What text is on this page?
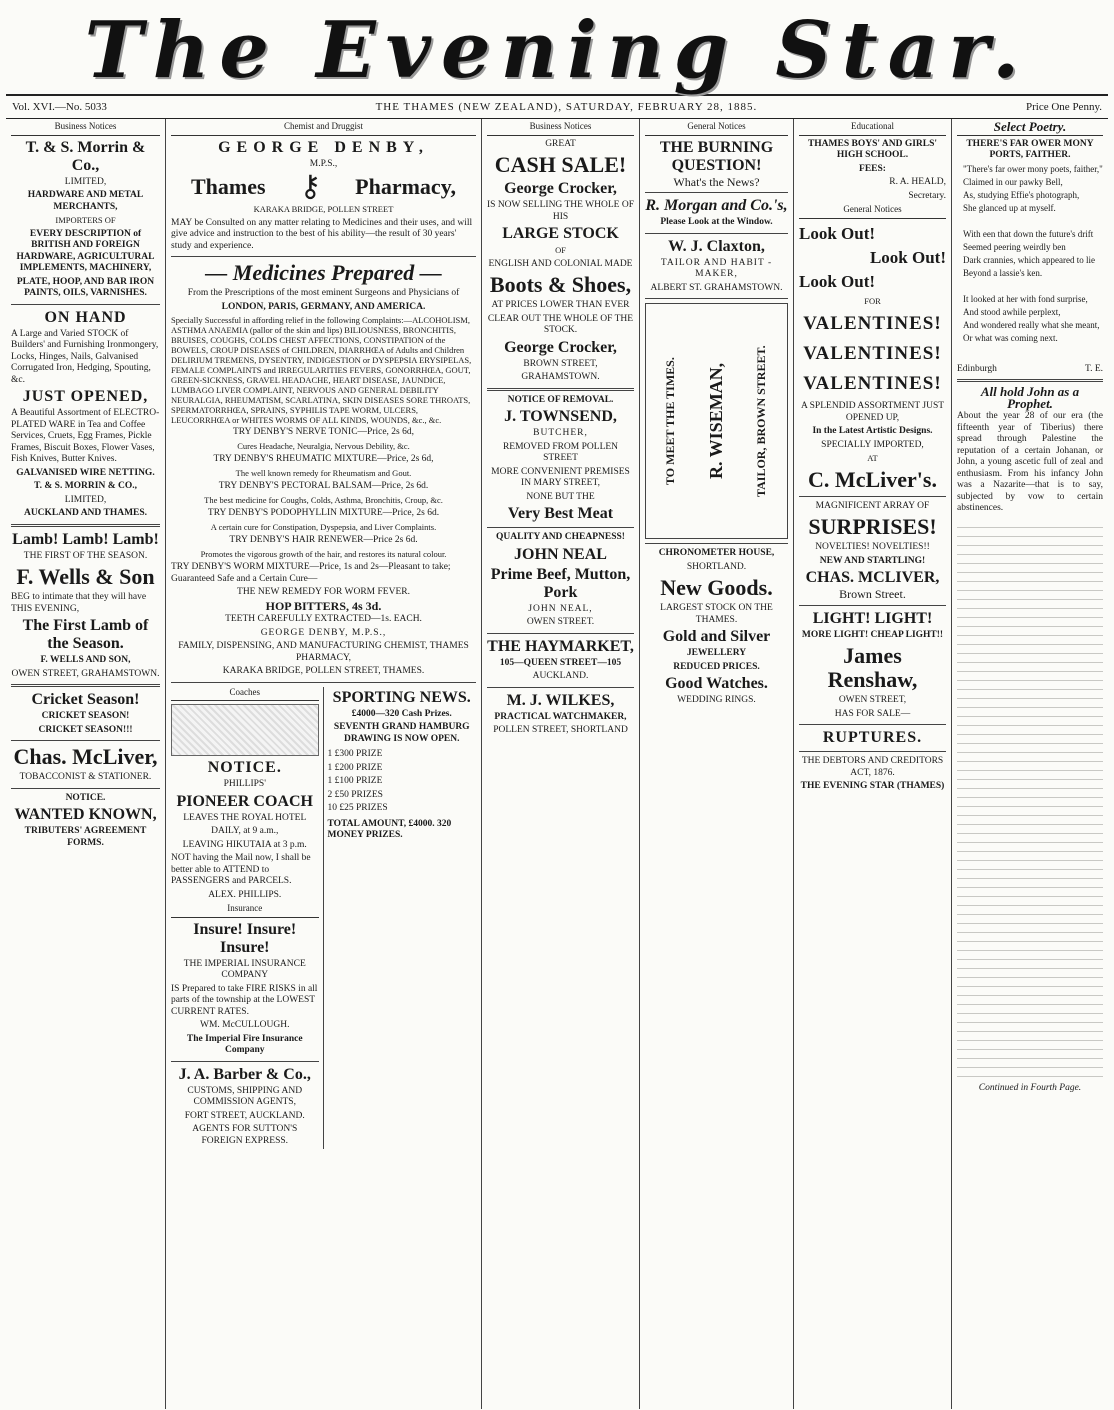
The Evening Star.
Vol. XVI.—No. 5033	THE THAMES (NEW ZEALAND), SATURDAY, FEBRUARY 28, 1885.	Price One Penny.
Business Notices
T. & S. Morrin & Co.,
LIMITED,

HARDWARE AND METAL MERCHANTS,

IMPORTERS OF

EVERY DESCRIPTION of BRITISH AND FOREIGN HARDWARE, AGRICULTURAL IMPLEMENTS, MACHINERY,

PLATE, HOOP, AND BAR IRON PAINTS, OILS, VARNISHES.

ON HAND

A Large and Varied STOCK of Builders' and Furnishing Ironmongery, Locks, Hinges, Nails, Galvanised Corrugated Iron, Hedging, Spouting, &c.

JUST OPENED,

A Beautiful Assortment of ELECTRO-PLATED WARE in Tea and Coffee Services, Cruets, Egg Frames, Pickle Frames, Biscuit Boxes, Flower Vases, Fish Knives, Butter Knives.

GALVANISED WIRE NETTING.

T. & S. MORRIN & CO.,

LIMITED,

AUCKLAND AND THAMES.

Lamb! Lamb! Lamb!

THE FIRST OF THE SEASON.

F. Wells & Son

BEG to intimate that they will have THIS EVENING,

The First Lamb of the Season.

F. WELLS AND SON,

OWEN STREET, GRAHAMSTOWN.

Cricket Season!

CRICKET SEASON!

CRICKET SEASON!!!

Chas. McLiver,

TOBACCONIST & STATIONER.

NOTICE.

WANTED KNOWN,

TRIBUTERS' AGREEMENT FORMS.

Chemist and Druggist
GEORGE DENBY,

M.P.S.,

Thames ⚷ Pharmacy,

KARAKA BRIDGE, POLLEN STREET

MAY be Consulted on any matter relating to Medicines and their uses, and will give advice and instruction to the best of his ability—the result of 30 years' study and experience.

— Medicines Prepared —

From the Prescriptions of the most eminent Surgeons and Physicians of

LONDON, PARIS, GERMANY, AND AMERICA.

Specially Successful in affording relief in the following Complaints:—ALCOHOLISM, ASTHMA ANAEMIA (pallor of the skin and lips) BILIOUSNESS, BRONCHITIS, BRUISES, COUGHS, COLDS CHEST AFFECTIONS, CONSTIPATION of the BOWELS, CROUP DISEASES of CHILDREN, DIARRHŒA of Adults and Children DELIRIUM TREMENS, DYSENTRY, INDIGESTION or DYSPEPSIA ERYSIPELAS, FEMALE COMPLAINTS and IRREGULARITIES FEVERS, GONORRHŒA, GOUT, GREEN-SICKNESS, GRAVEL HEADACHE, HEART DISEASE, JAUNDICE, LUMBAGO LIVER COMPLAINT, NERVOUS AND GENERAL DEBILITY NEURALGIA, RHEUMATISM, SCARLATINA, SKIN DISEASES SORE THROATS, SPERMATORRHŒA, SPRAINS, SYPHILIS TAPE WORM, ULCERS, LEUCORRHŒA or WHITES WORMS OF ALL KINDS, WOUNDS, &c., &c.

TRY DENBY'S NERVE TONIC—Price, 2s 6d,

Cures Headache, Neuralgia, Nervous Debility, &c.

TRY DENBY'S RHEUMATIC MIXTURE—Price, 2s 6d,

The well known remedy for Rheumatism and Gout.

TRY DENBY'S PECTORAL BALSAM—Price, 2s 6d.

The best medicine for Coughs, Colds, Asthma, Bronchitis, Croup, &c.

TRY DENBY'S PODOPHYLLIN MIXTURE—Price, 2s 6d.

A certain cure for Constipation, Dyspepsia, and Liver Complaints.

TRY DENBY'S HAIR RENEWER—Price 2s 6d.

Promotes the vigorous growth of the hair, and restores its natural colour.

TRY DENBY'S WORM MIXTURE—Price, 1s and 2s—Pleasant to take; Guaranteed Safe and a Certain Cure—

THE NEW REMEDY FOR WORM FEVER.

HOP BITTERS, 4s 3d.

TEETH CAREFULLY EXTRACTED—1s. EACH.

GEORGE DENBY, M.P.S.,

FAMILY, DISPENSING, AND MANUFACTURING CHEMIST, THAMES PHARMACY,

KARAKA BRIDGE, POLLEN STREET, THAMES.

Coaches
NOTICE.

PHILLIPS'

PIONEER COACH

LEAVES THE ROYAL HOTEL

DAILY, at 9 a.m.,

LEAVING HIKUTAIA at 3 p.m.

NOT having the Mail now, I shall be better able to ATTEND to PASSENGERS and PARCELS.

ALEX. PHILLIPS.

Insurance
Insure! Insure! Insure!

THE IMPERIAL INSURANCE COMPANY

IS Prepared to take FIRE RISKS in all parts of the township at the LOWEST CURRENT RATES.

WM. McCULLOUGH.

The Imperial Fire Insurance Company

J. A. Barber & Co.,

CUSTOMS, SHIPPING AND COMMISSION AGENTS,

FORT STREET, AUCKLAND.

AGENTS FOR SUTTON'S FOREIGN EXPRESS.

SPORTING NEWS.

£4000—320 Cash Prizes.

SEVENTH GRAND HAMBURG DRAWING IS NOW OPEN.

1 £300 PRIZE

1 £200 PRIZE

1 £100 PRIZE

2 £50 PRIZES

10 £25 PRIZES

TOTAL AMOUNT, £4000. 320 MONEY PRIZES.

Business Notices

GREAT

CASH SALE!
George Crocker,

IS NOW SELLING THE WHOLE OF HIS

LARGE STOCK

OF

ENGLISH AND COLONIAL MADE

Boots & Shoes,

AT PRICES LOWER THAN EVER

CLEAR OUT THE WHOLE OF THE STOCK.

George Crocker,

BROWN STREET,

GRAHAMSTOWN.

NOTICE OF REMOVAL.

J. TOWNSEND,

BUTCHER,

REMOVED FROM POLLEN STREET

MORE CONVENIENT PREMISES IN MARY STREET,

NONE BUT THE

Very Best Meat

QUALITY AND CHEAPNESS!

JOHN NEAL
Prime Beef, Mutton, Pork

JOHN NEAL,

OWEN STREET.

THE HAYMARKET,

105—QUEEN STREET—105

AUCKLAND.

M. J. WILKES,

PRACTICAL WATCHMAKER,

POLLEN STREET, SHORTLAND

General Notices
THE BURNING QUESTION!

What's the News?

R. Morgan and Co.'s,

Please Look at the Window.

W. J. Claxton,

TAILOR AND HABIT - MAKER,

ALBERT ST. GRAHAMSTOWN.

TO MEET THE TIMES. R. WISEMAN, TAILOR, BROWN STREET.

CHRONOMETER HOUSE,

SHORTLAND.

New Goods.

LARGEST STOCK ON THE THAMES.

Gold and Silver

JEWELLERY

REDUCED PRICES.

Good Watches.

WEDDING RINGS.

Educational

THAMES BOYS' AND GIRLS' HIGH SCHOOL.

FEES:

R. A. HEALD,

Secretary.

General Notices
Look Out!
Look Out!
Look Out!

FOR

VALENTINES!
VALENTINES!
VALENTINES!

A SPLENDID ASSORTMENT JUST OPENED UP,

In the Latest Artistic Designs.

SPECIALLY IMPORTED,

AT

C. McLiver's.

MAGNIFICENT ARRAY OF

SURPRISES!

NOVELTIES! NOVELTIES!!

NEW AND STARTLING!

CHAS. MCLIVER,

Brown Street.

LIGHT! LIGHT!

MORE LIGHT! CHEAP LIGHT!!

James Renshaw,

OWEN STREET,

HAS FOR SALE—

RUPTURES.

THE DEBTORS AND CREDITORS ACT, 1876.

THE EVENING STAR (THAMES)

Select Poetry.

THERE'S FAR OWER MONY PORTS, FAITHER.

"There's far ower mony poets, faither,"

Claimed in our pawky Bell,

As, studying Effie's photograph,

She glanced up at myself.

With een that down the future's drift

Seemed peering weirdly ben

Dark crannies, which appeared to lie

Beyond a lassie's ken.

It looked at her with fond surprise,

And stood awhile perplext,

And wondered really what she meant,

Or what was coming next.

Edinburgh	T. E.
All hold John as a Prophet.

About the year 28 of our era (the fifteenth year of Tiberius) there spread through Palestine the reputation of a certain Johanan, or John, a young ascetic full of zeal and enthusiasm. From his infancy John was a Nazarite—that is to say, subjected by vow to certain abstinences.

Continued in Fourth Page.
